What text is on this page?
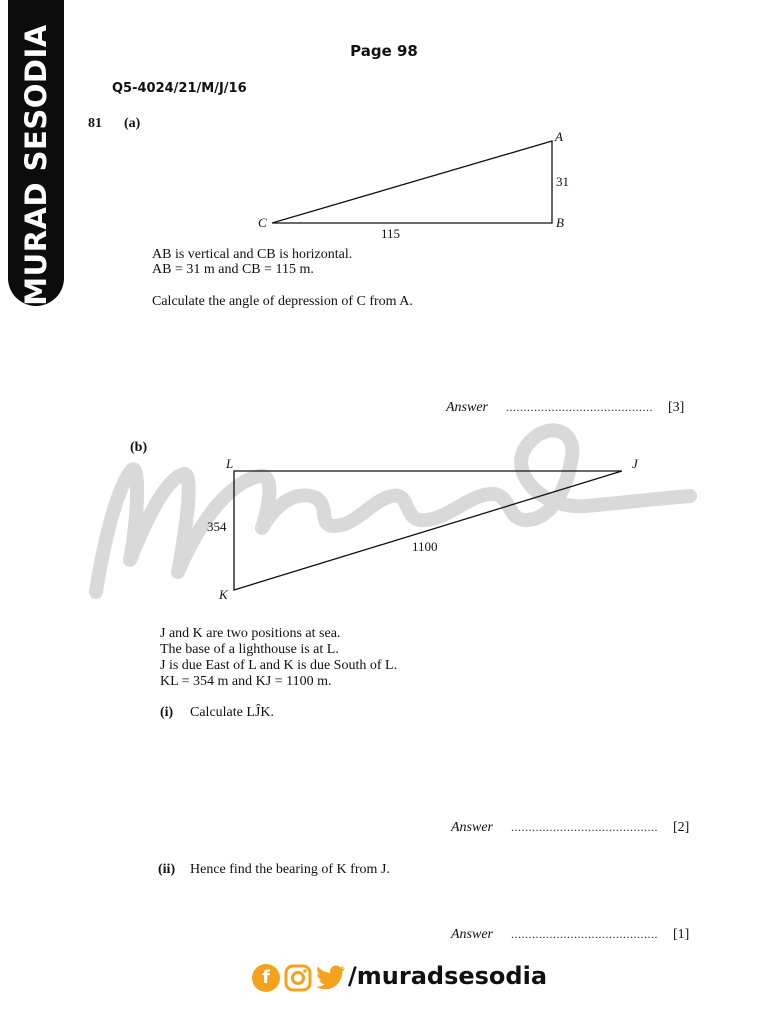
MURAD SESODIA	Page 98
Q5-4024/21/M/J/16
81 (a)
A
B
C
31
115
AB is vertical and CB is horizontal.
AB = 31 m and CB = 115 m.
Calculate the angle of depression of C from A.
Answer .......................................... [3]
(b)
L	J
K
354
1100
J and K are two positions at sea.
The base of a lighthouse is at L.
J is due East of L and K is due South of L.
KL = 354 m and KJ = 1100 m.
(i) Calculate LĴK.
Answer .......................................... [2]
(ii) Hence find the bearing of K from J.
Answer .......................................... [1]
f	/muradsesodia
